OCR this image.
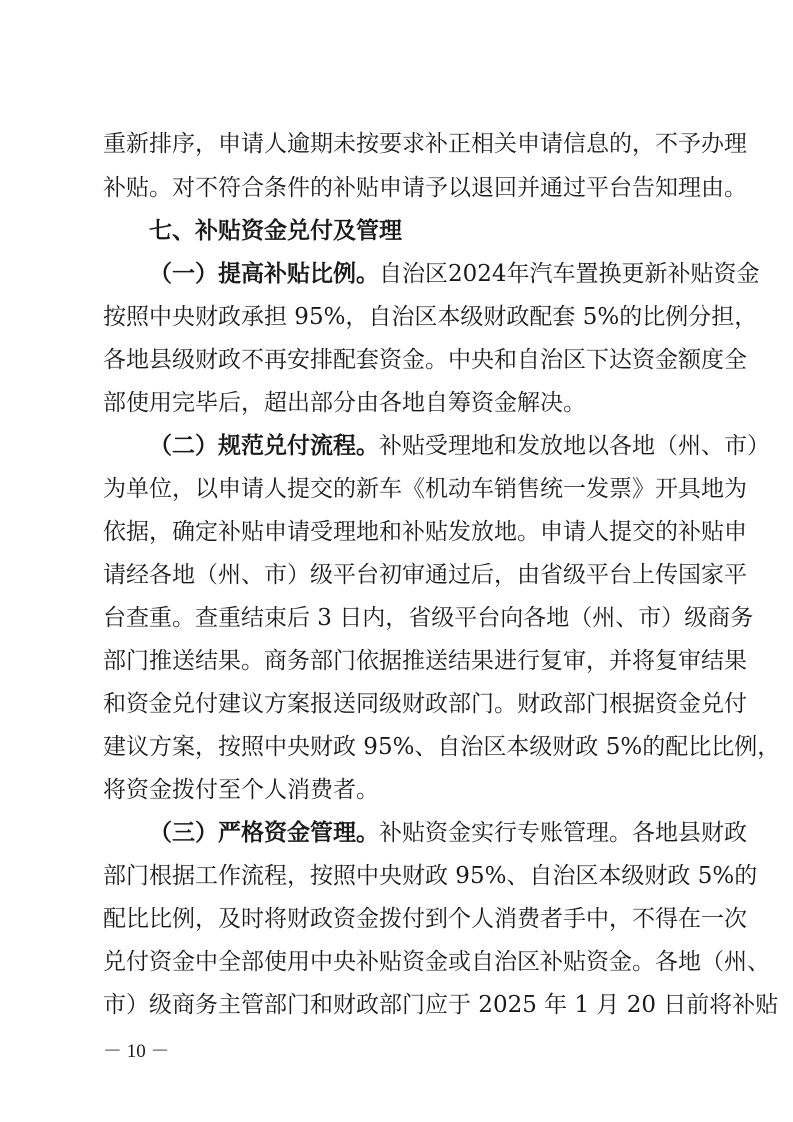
重新排序，申请人逾期未按要求补正相关申请信息的，不予办理
补贴。对不符合条件的补贴申请予以退回并通过平台告知理由。
七、补贴资金兑付及管理
（一）提高补贴比例。自治区2024年汽车置换更新补贴资金
按照中央财政承担 95%，自治区本级财政配套 5%的比例分担，
各地县级财政不再安排配套资金。中央和自治区下达资金额度全
部使用完毕后，超出部分由各地自筹资金解决。
（二）规范兑付流程。补贴受理地和发放地以各地（州、市）
为单位，以申请人提交的新车《机动车销售统一发票》开具地为
依据，确定补贴申请受理地和补贴发放地。申请人提交的补贴申
请经各地（州、市）级平台初审通过后，由省级平台上传国家平
台查重。查重结束后 3 日内，省级平台向各地（州、市）级商务
部门推送结果。商务部门依据推送结果进行复审，并将复审结果
和资金兑付建议方案报送同级财政部门。财政部门根据资金兑付
建议方案，按照中央财政 95%、自治区本级财政 5%的配比比例，
将资金拨付至个人消费者。
（三）严格资金管理。补贴资金实行专账管理。各地县财政
部门根据工作流程，按照中央财政 95%、自治区本级财政 5%的
配比比例，及时将财政资金拨付到个人消费者手中，不得在一次
兑付资金中全部使用中央补贴资金或自治区补贴资金。各地（州、
市）级商务主管部门和财政部门应于 2025 年 1 月 20 日前将补贴
－ 10 －
